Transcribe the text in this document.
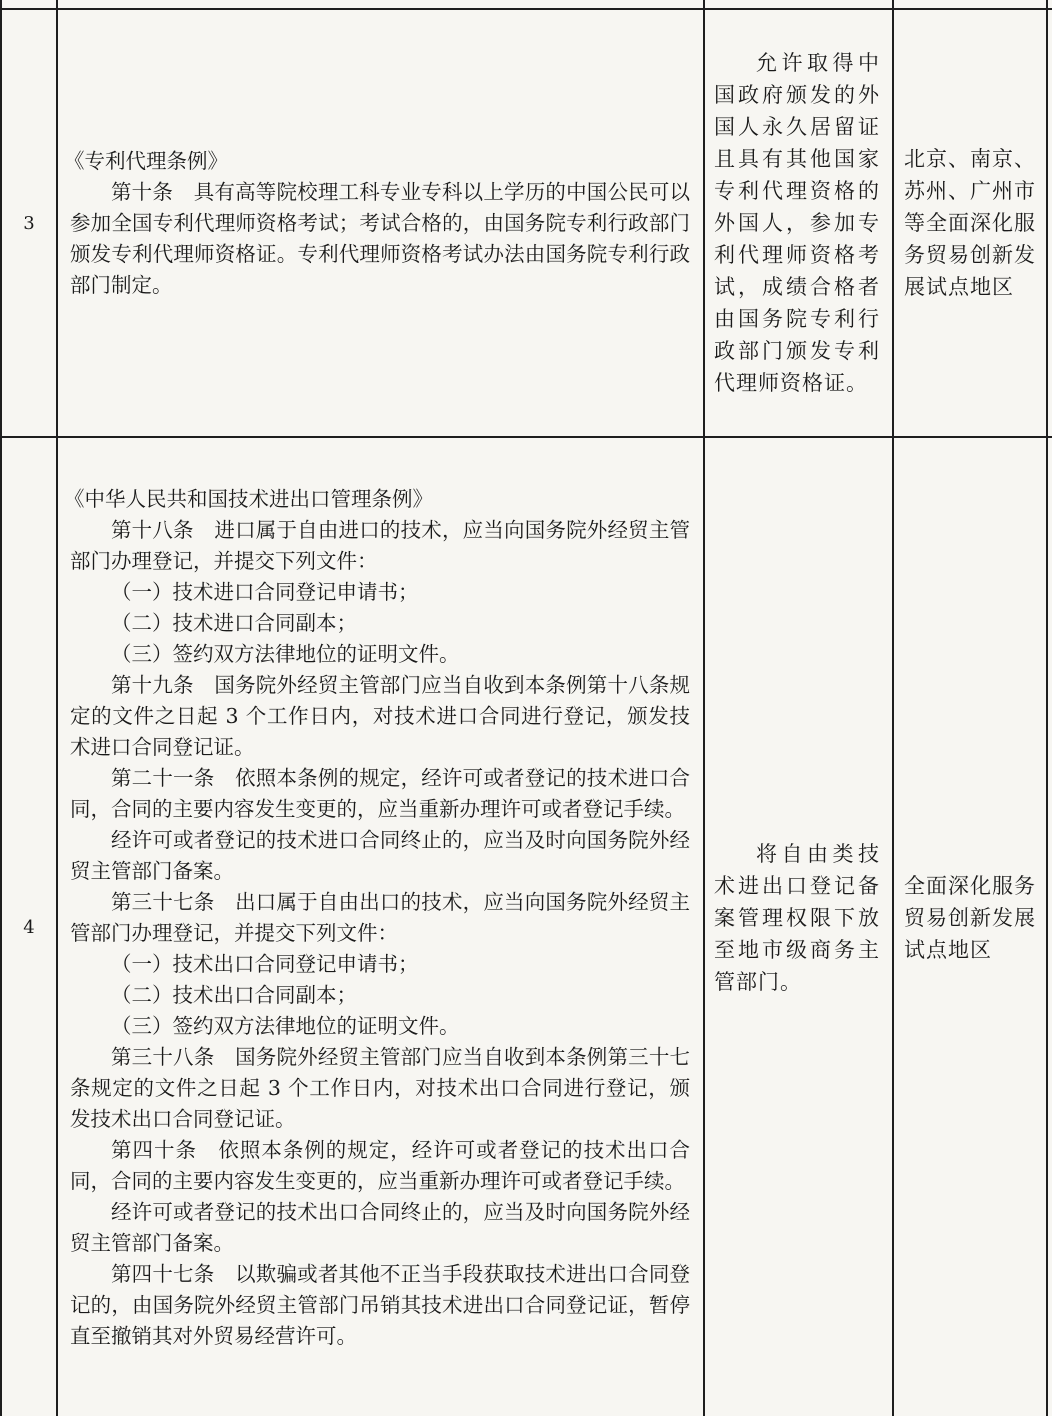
3
《专利代理条例》

第十条　具有高等院校理工科专业专科以上学历的中国公民可以参加全国专利代理师资格考试；考试合格的，由国务院专利行政部门颁发专利代理师资格证。专利代理师资格考试办法由国务院专利行政部门制定。

允许取得中国政府颁发的外国人永久居留证且具有其他国家专利代理资格的外国人，参加专利代理师资格考试，成绩合格者由国务院专利行政部门颁发专利代理师资格证。

北京、南京、苏州、广州市等全面深化服务贸易创新发展试点地区

4
《中华人民共和国技术进出口管理条例》

第十八条　进口属于自由进口的技术，应当向国务院外经贸主管部门办理登记，并提交下列文件：

（一）技术进口合同登记申请书；

（二）技术进口合同副本；

（三）签约双方法律地位的证明文件。

第十九条　国务院外经贸主管部门应当自收到本条例第十八条规定的文件之日起 3 个工作日内，对技术进口合同进行登记，颁发技术进口合同登记证。

第二十一条　依照本条例的规定，经许可或者登记的技术进口合同，合同的主要内容发生变更的，应当重新办理许可或者登记手续。

经许可或者登记的技术进口合同终止的，应当及时向国务院外经贸主管部门备案。

第三十七条　出口属于自由出口的技术，应当向国务院外经贸主管部门办理登记，并提交下列文件：

（一）技术出口合同登记申请书；

（二）技术出口合同副本；

（三）签约双方法律地位的证明文件。

第三十八条　国务院外经贸主管部门应当自收到本条例第三十七条规定的文件之日起 3 个工作日内，对技术出口合同进行登记，颁发技术出口合同登记证。

第四十条　依照本条例的规定，经许可或者登记的技术出口合同，合同的主要内容发生变更的，应当重新办理许可或者登记手续。

经许可或者登记的技术出口合同终止的，应当及时向国务院外经贸主管部门备案。

第四十七条　以欺骗或者其他不正当手段获取技术进出口合同登记的，由国务院外经贸主管部门吊销其技术进出口合同登记证，暂停直至撤销其对外贸易经营许可。

将自由类技术进出口登记备案管理权限下放至地市级商务主管部门。

全面深化服务贸易创新发展试点地区
